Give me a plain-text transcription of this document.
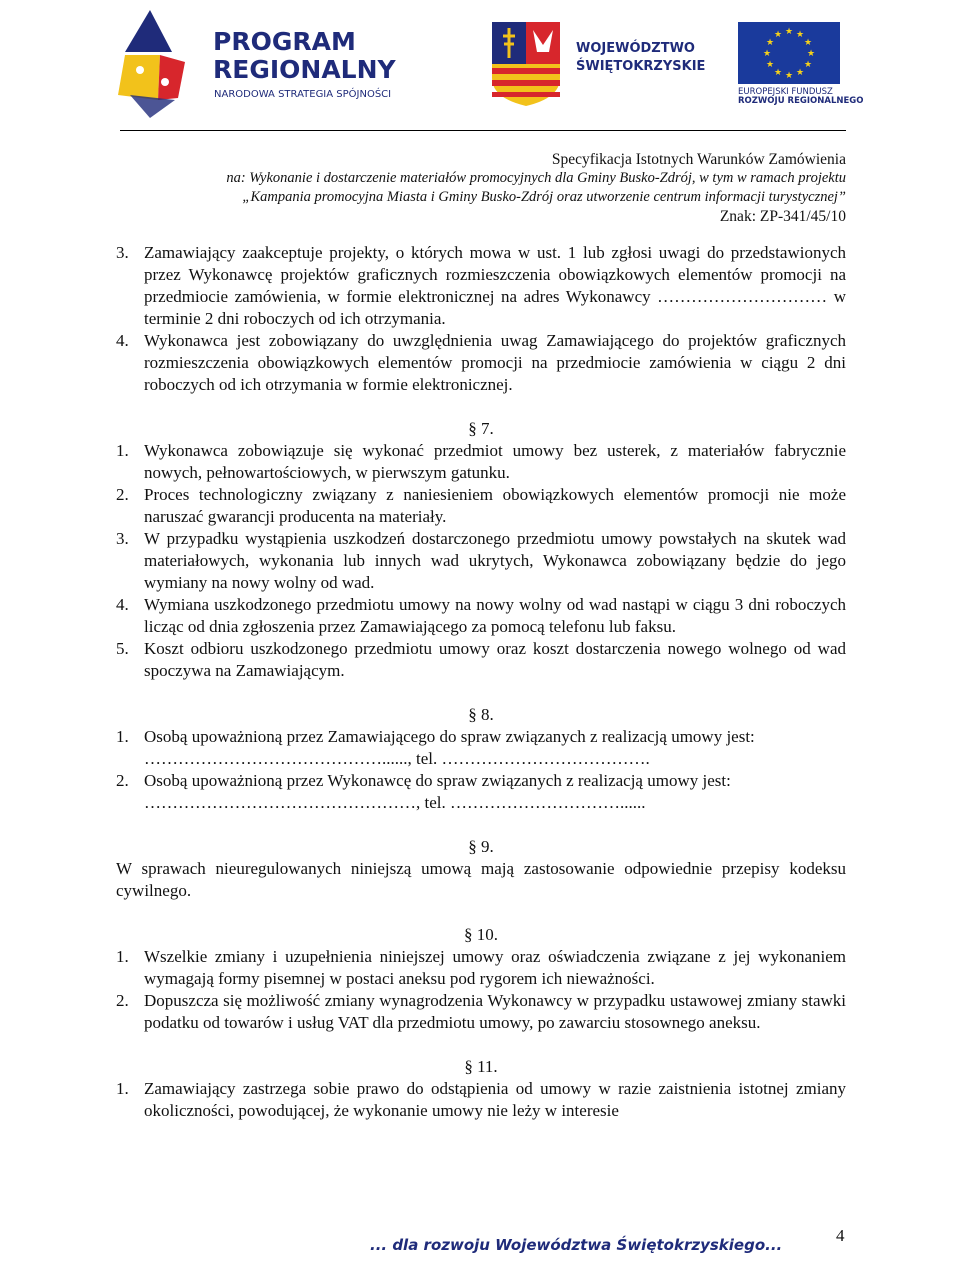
PROGRAM
REGIONALNY
NARODOWA STRATEGIA SPÓJNOŚCI
WOJEWÓDZTWO
ŚWIĘTOKRZYSKIE
★ ★
★
★
★
★
★
★
★
★
★
★
EUROPEJSKI FUNDUSZ
ROZWOJU REGIONALNEGO
Specyfikacja Istotnych Warunków Zamówienia
na: Wykonanie i dostarczenie materiałów promocyjnych dla Gminy Busko-Zdrój, w tym w ramach projektu
„Kampania promocyjna Miasta i Gminy Busko-Zdrój oraz utworzenie centrum informacji turystycznej”
Znak: ZP-341/45/10
3. Zamawiający zaakceptuje projekty, o których mowa w ust. 1 lub zgłosi uwagi do przedstawionych przez Wykonawcę projektów graficznych rozmieszczenia obowiązkowych elementów promocji na przedmiocie zamówienia, w formie elektronicznej na adres Wykonawcy ………………………… w terminie 2 dni roboczych od ich otrzymania.
4. Wykonawca jest zobowiązany do uwzględnienia uwag Zamawiającego do projektów graficznych rozmieszczenia obowiązkowych elementów promocji na przedmiocie zamówienia w ciągu 2 dni roboczych od ich otrzymania w formie elektronicznej.
§ 7.
1. Wykonawca zobowiązuje się wykonać przedmiot umowy bez usterek, z materiałów fabrycznie nowych, pełnowartościowych, w pierwszym gatunku.
2. Proces technologiczny związany z naniesieniem obowiązkowych elementów promocji nie może naruszać gwarancji producenta na materiały.
3. W przypadku wystąpienia uszkodzeń dostarczonego przedmiotu umowy powstałych na skutek wad materiałowych, wykonania lub innych wad ukrytych, Wykonawca zobowiązany będzie do jego wymiany na nowy wolny od wad.
4. Wymiana uszkodzonego przedmiotu umowy na nowy wolny od wad nastąpi w ciągu 3 dni roboczych licząc od dnia zgłoszenia przez Zamawiającego za pomocą telefonu lub faksu.
5. Koszt odbioru uszkodzonego przedmiotu umowy oraz koszt dostarczenia nowego wolnego od wad spoczywa na Zamawiającym.
§ 8.
1. Osobą upoważnioną przez Zamawiającego do spraw związanych z realizacją umowy jest:
……………………………………......, tel. ……………………………….
2. Osobą upoważnioną przez Wykonawcę do spraw związanych z realizacją umowy jest:
…………………………………………, tel. …………………………......
§ 9.
W sprawach nieuregulowanych niniejszą umową mają zastosowanie odpowiednie przepisy kodeksu cywilnego.
§ 10.
1. Wszelkie zmiany i uzupełnienia niniejszej umowy oraz oświadczenia związane z jej wykonaniem wymagają formy pisemnej w postaci aneksu pod rygorem ich nieważności.
2. Dopuszcza się możliwość zmiany wynagrodzenia Wykonawcy w przypadku ustawowej zmiany stawki podatku od towarów i usług VAT dla przedmiotu umowy, po zawarciu stosownego aneksu.
§ 11.
1. Zamawiający zastrzega sobie prawo do odstąpienia od umowy w razie zaistnienia istotnej zmiany okoliczności, powodującej, że wykonanie umowy nie leży w interesie
... dla rozwoju Województwa Świętokrzyskiego...	4
